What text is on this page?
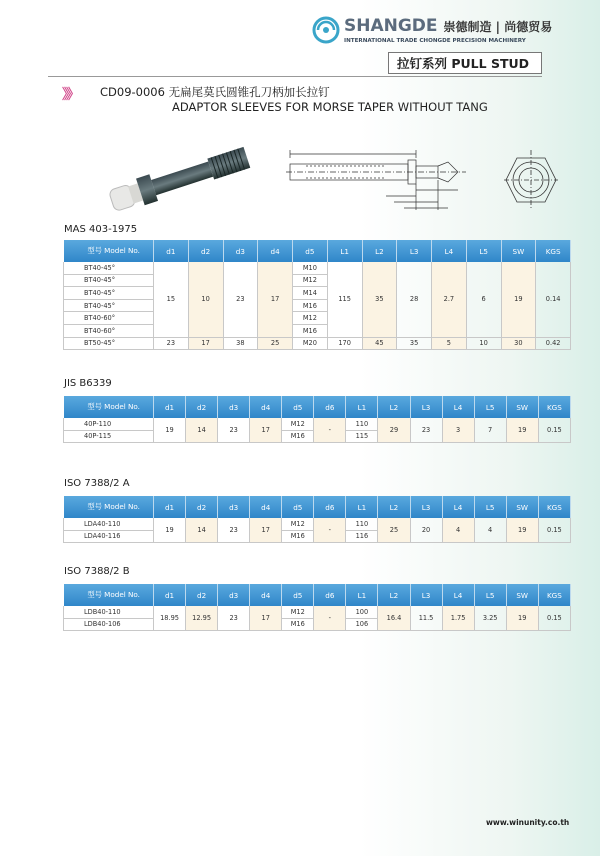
SHANGDE 崇德制造 | 尚德贸易
INTERNATIONAL TRADE CHONGDE PRECISION MACHINERY
拉钉系列 PULL STUD
》》 CD09-0006 无扁尾莫氏圆锥孔刀柄加长拉钉
ADAPTOR SLEEVES FOR MORSE TAPER WITHOUT TANG
MAS 403-1975
型号 Model No.	d1	d2	d3	d4	d5	L1	L2	L3	L4	L5	SW	KGS
BT40-45°	15	10	23	17	M10	115	35	28	2.7	6	19	0.14
BT40-45°					M12							
BT40-45°					M14							
BT40-45°					M16							
BT40-60°					M12							
BT40-60°					M16							
BT50-45°	23	17	38	25	M20	170	45	35	5	10	30	0.42
JIS B6339
型号 Model No.	d1	d2	d3	d4	d5	d6	L1	L2	L3	L4	L5	SW	KGS
40P-110	19	14	23	17	M12	-	110	29	23	3	7	19	0.15
40P-115					M16		115						
ISO 7388/2 A
型号 Model No.	d1	d2	d3	d4	d5	d6	L1	L2	L3	L4	L5	SW	KGS
LDA40-110	19	14	23	17	M12	-	110	25	20	4	4	19	0.15
LDA40-116					M16		116						
ISO 7388/2 B
型号 Model No.	d1	d2	d3	d4	d5	d6	L1	L2	L3	L4	L5	SW	KGS
LDB40-110	18.95	12.95	23	17	M12	-	100	16.4	11.5	1.75	3.25	19	0.15
LDB40-106					M16		106						
www.winunity.co.th
